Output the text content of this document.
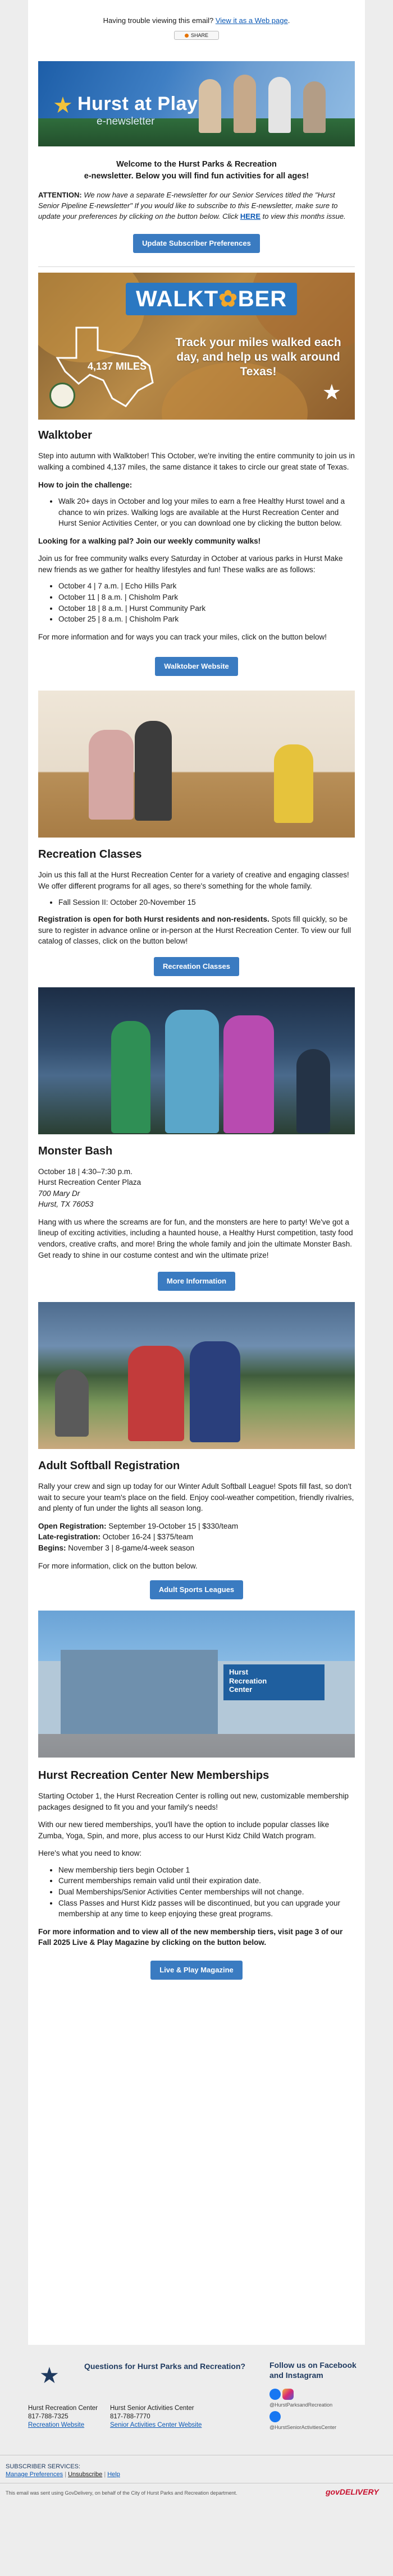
Having trouble viewing this email? View it as a Web page.
SHARE
★ Hurst at Play
e-newsletter
Welcome to the Hurst Parks & Recreation
e-newsletter. Below you will find fun activities for all ages!

ATTENTION: We now have a separate E-newsletter for our Senior Services titled the "Hurst Senior Pipeline E-newsletter" If you would like to subscribe to this E-newsletter, make sure to update your preferences by clicking on the button below. Click HERE to view this months issue.

Update Subscriber Preferences
WALKT✿BER
4,137 MILES
Track your miles walked each day, and help us walk around Texas!
★
Walktober

Step into autumn with Walktober! This October, we're inviting the entire community to join us in walking a combined 4,137 miles, the same distance it takes to circle our great state of Texas.

How to join the challenge:

• Walk 20+ days in October and log your miles to earn a free Healthy Hurst towel and a chance to win prizes. Walking logs are available at the Hurst Recreation Center and Hurst Senior Activities Center, or you can download one by clicking the button below.

Looking for a walking pal? Join our weekly community walks!

Join us for free community walks every Saturday in October at various parks in Hurst Make new friends as we gather for healthy lifestyles and fun! These walks are as follows:

• October 4 | 7 a.m. | Echo Hills Park
• October 11 | 8 a.m. | Chisholm Park
• October 18 | 8 a.m. | Hurst Community Park
• October 25 | 8 a.m. | Chisholm Park

For more information and for ways you can track your miles, click on the button below!

Walktober Website
Recreation Classes

Join us this fall at the Hurst Recreation Center for a variety of creative and engaging classes! We offer different programs for all ages, so there's something for the whole family.

• Fall Session II: October 20-November 15

Registration is open for both Hurst residents and non-residents. Spots fill quickly, so be sure to register in advance online or in-person at the Hurst Recreation Center. To view our full catalog of classes, click on the button below!

Recreation Classes
Monster Bash

October 18 | 4:30–7:30 p.m.

Hurst Recreation Center Plaza

700 Mary Dr

Hurst, TX 76053

Hang with us where the screams are for fun, and the monsters are here to party! We've got a lineup of exciting activities, including a haunted house, a Healthy Hurst competition, tasty food vendors, creative crafts, and more! Bring the whole family and join the ultimate Monster Bash. Get ready to shine in our costume contest and win the ultimate prize!

More Information
Adult Softball Registration

Rally your crew and sign up today for our Winter Adult Softball League! Spots fill fast, so don't wait to secure your team's place on the field. Enjoy cool-weather competition, friendly rivalries, and plenty of fun under the lights all season long.

Open Registration: September 19-October 15 | $330/team

Late-registration: October 16-24 | $375/team

Begins: November 3 | 8-game/4-week season

For more information, click on the button below.

Adult Sports Leagues
Hurst
Recreation
Center
Hurst Recreation Center New Memberships

Starting October 1, the Hurst Recreation Center is rolling out new, customizable membership packages designed to fit you and your family's needs!

With our new tiered memberships, you'll have the option to include popular classes like Zumba, Yoga, Spin, and more, plus access to our Hurst Kidz Child Watch program.

Here's what you need to know:

• New membership tiers begin October 1
• Current memberships remain valid until their expiration date.
• Dual Memberships/Senior Activities Center memberships will not change.
• Class Passes and Hurst Kidz passes will be discontinued, but you can upgrade your membership at any time to keep enjoying these great programs.

For more information and to view all of the new membership tiers, visit page 3 of our Fall 2025 Live & Play Magazine by clicking on the button below.

Live & Play Magazine
★	Questions for Hurst Parks and Recreation?	Follow us on Facebook and Instagram

@HurstParksandRecreation
@HurstSeniorActivitiesCenter
Hurst Recreation Center
817-788-7325
Recreation Website
Hurst Senior Activities Center
817-788-7770
Senior Activities Center Website
SUBSCRIBER SERVICES:
Manage Preferences | Unsubscribe | Help
This email was sent using GovDelivery, on behalf of the City of Hurst Parks and Recreation department.	govDELIVERY
